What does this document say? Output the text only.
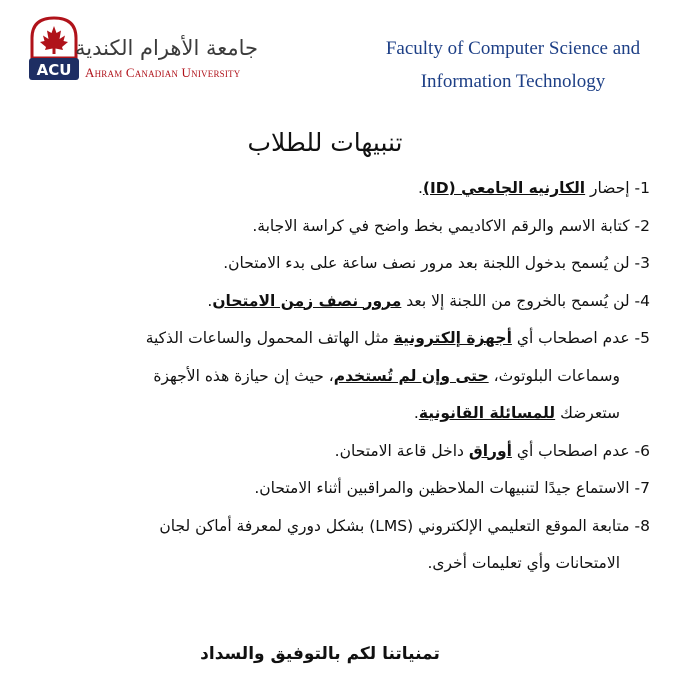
ACU
جامعة الأهرام الكندية
Ahram Canadian University
Faculty of Computer Science and
Information Technology
تنبيهات للطلاب
1- إحضار الكارنيه الجامعي (ID).
2- كتابة الاسم والرقم الاكاديمي بخط واضح في كراسة الاجابة.
3- لن يُسمح بدخول اللجنة بعد مرور نصف ساعة على بدء الامتحان.
4- لن يُسمح بالخروج من اللجنة إلا بعد مرور نصف زمن الامتحان.
5- عدم اصطحاب أي أجهزة إلكترونية مثل الهاتف المحمول والساعات الذكية
وسماعات البلوتوث، حتى وإن لم تُستخدم، حيث إن حيازة هذه الأجهزة
ستعرضك للمسائلة القانونية.
6- عدم اصطحاب أي أوراق داخل قاعة الامتحان.
7- الاستماع جيدًا لتنبيهات الملاحظين والمراقبين أثناء الامتحان.
8- متابعة الموقع التعليمي الإلكتروني (LMS) بشكل دوري لمعرفة أماكن لجان
الامتحانات وأي تعليمات أخرى.
تمنياتنا لكم بالتوفيق والسداد
